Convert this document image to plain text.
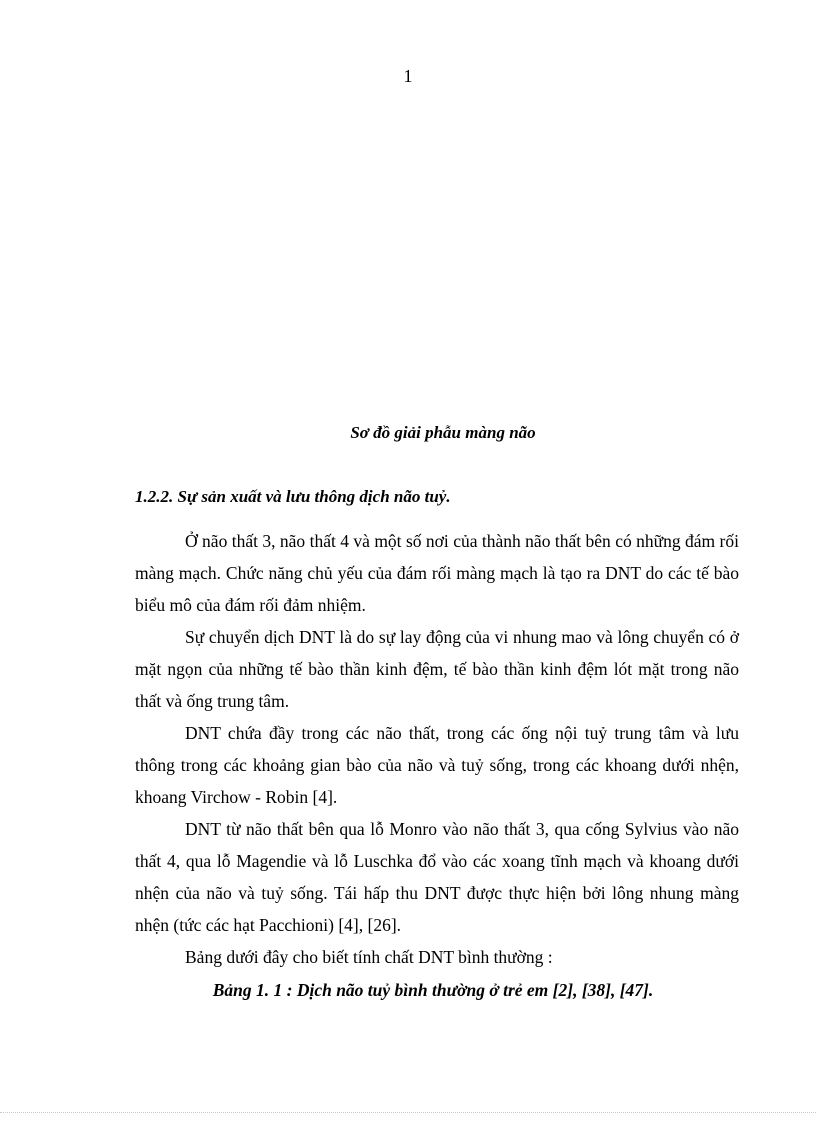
1
Sơ đồ giải phẫu màng não
1.2.2. Sự sản xuất và lưu thông dịch não tuỷ.

Ở não thất 3, não thất 4 và một số nơi của thành não thất bên có những đám rối màng mạch. Chức năng chủ yếu của đám rối màng mạch là tạo ra DNT do các tế bào biểu mô của đám rối đảm nhiệm.

Sự chuyển dịch DNT là do sự lay động của vi nhung mao và lông chuyển có ở mặt ngọn của những tế bào thần kinh đệm, tế bào thần kinh đệm lót mặt trong não thất và ống trung tâm.

DNT chứa đầy trong các não thất, trong các ống nội tuỷ trung tâm và lưu thông trong các khoảng gian bào của não và tuỷ sống, trong các khoang dưới nhện, khoang Virchow - Robin [4].

DNT từ não thất bên qua lỗ Monro vào não thất 3, qua cống Sylvius vào não thất 4, qua lỗ Magendie và lỗ Luschka đổ vào các xoang tĩnh mạch và khoang dưới nhện của não và tuỷ sống. Tái hấp thu DNT được thực hiện bởi lông nhung màng nhện (tức các hạt Pacchioni) [4], [26].

Bảng dưới đây cho biết tính chất DNT bình thường :

Bảng 1. 1 : Dịch não tuỷ bình thường ở trẻ em [2], [38], [47].
